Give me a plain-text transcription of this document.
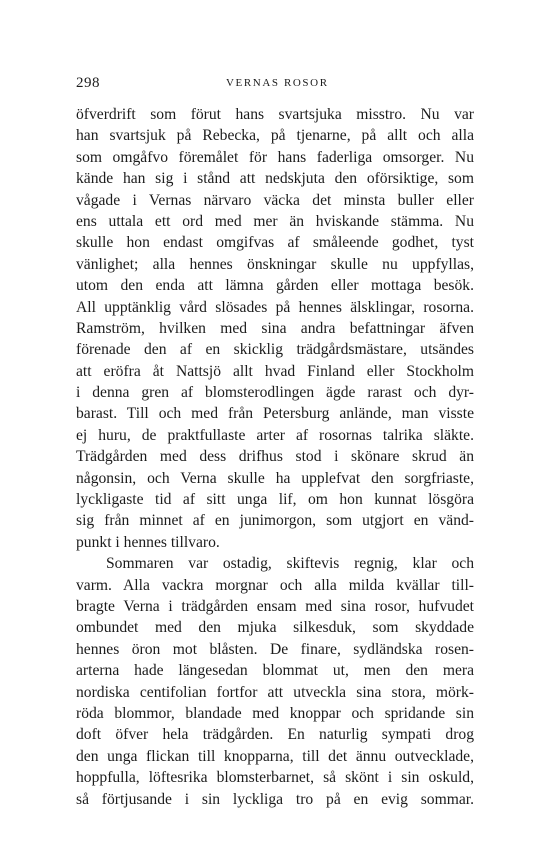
298	VERNAS ROSOR
öfverdrift som förut hans svartsjuka misstro. Nu var
han svartsjuk på Rebecka, på tjenarne, på allt och alla
som omgåfvo föremålet för hans faderliga omsorger. Nu
kände han sig i stånd att nedskjuta den oförsiktige, som
vågade i Vernas närvaro väcka det minsta buller eller
ens uttala ett ord med mer än hviskande stämma. Nu
skulle hon endast omgifvas af småleende godhet, tyst
vänlighet; alla hennes önskningar skulle nu uppfyllas,
utom den enda att lämna gården eller mottaga besök.
All upptänklig vård slösades på hennes älsklingar, rosorna.
Ramström, hvilken med sina andra befattningar äfven
förenade den af en skicklig trädgårdsmästare, utsändes
att eröfra åt Nattsjö allt hvad Finland eller Stockholm
i denna gren af blomsterodlingen ägde rarast och dyr-
barast. Till och med från Petersburg anlände, man visste
ej huru, de praktfullaste arter af rosornas talrika släkte.
Trädgården med dess drifhus stod i skönare skrud än
någonsin, och Verna skulle ha upplefvat den sorgfriaste,
lyckligaste tid af sitt unga lif, om hon kunnat lösgöra
sig från minnet af en junimorgon, som utgjort en vänd-
punkt i hennes tillvaro.
Sommaren var ostadig, skiftevis regnig, klar och
varm. Alla vackra morgnar och alla milda kvällar till-
bragte Verna i trädgården ensam med sina rosor, hufvudet
ombundet med den mjuka silkesduk, som skyddade
hennes öron mot blåsten. De finare, sydländska rosen-
arterna hade längesedan blommat ut, men den mera
nordiska centifolian fortfor att utveckla sina stora, mörk-
röda blommor, blandade med knoppar och spridande sin
doft öfver hela trädgården. En naturlig sympati drog
den unga flickan till knopparna, till det ännu outvecklade,
hoppfulla, löftesrika blomsterbarnet, så skönt i sin oskuld,
så förtjusande i sin lyckliga tro på en evig sommar.
